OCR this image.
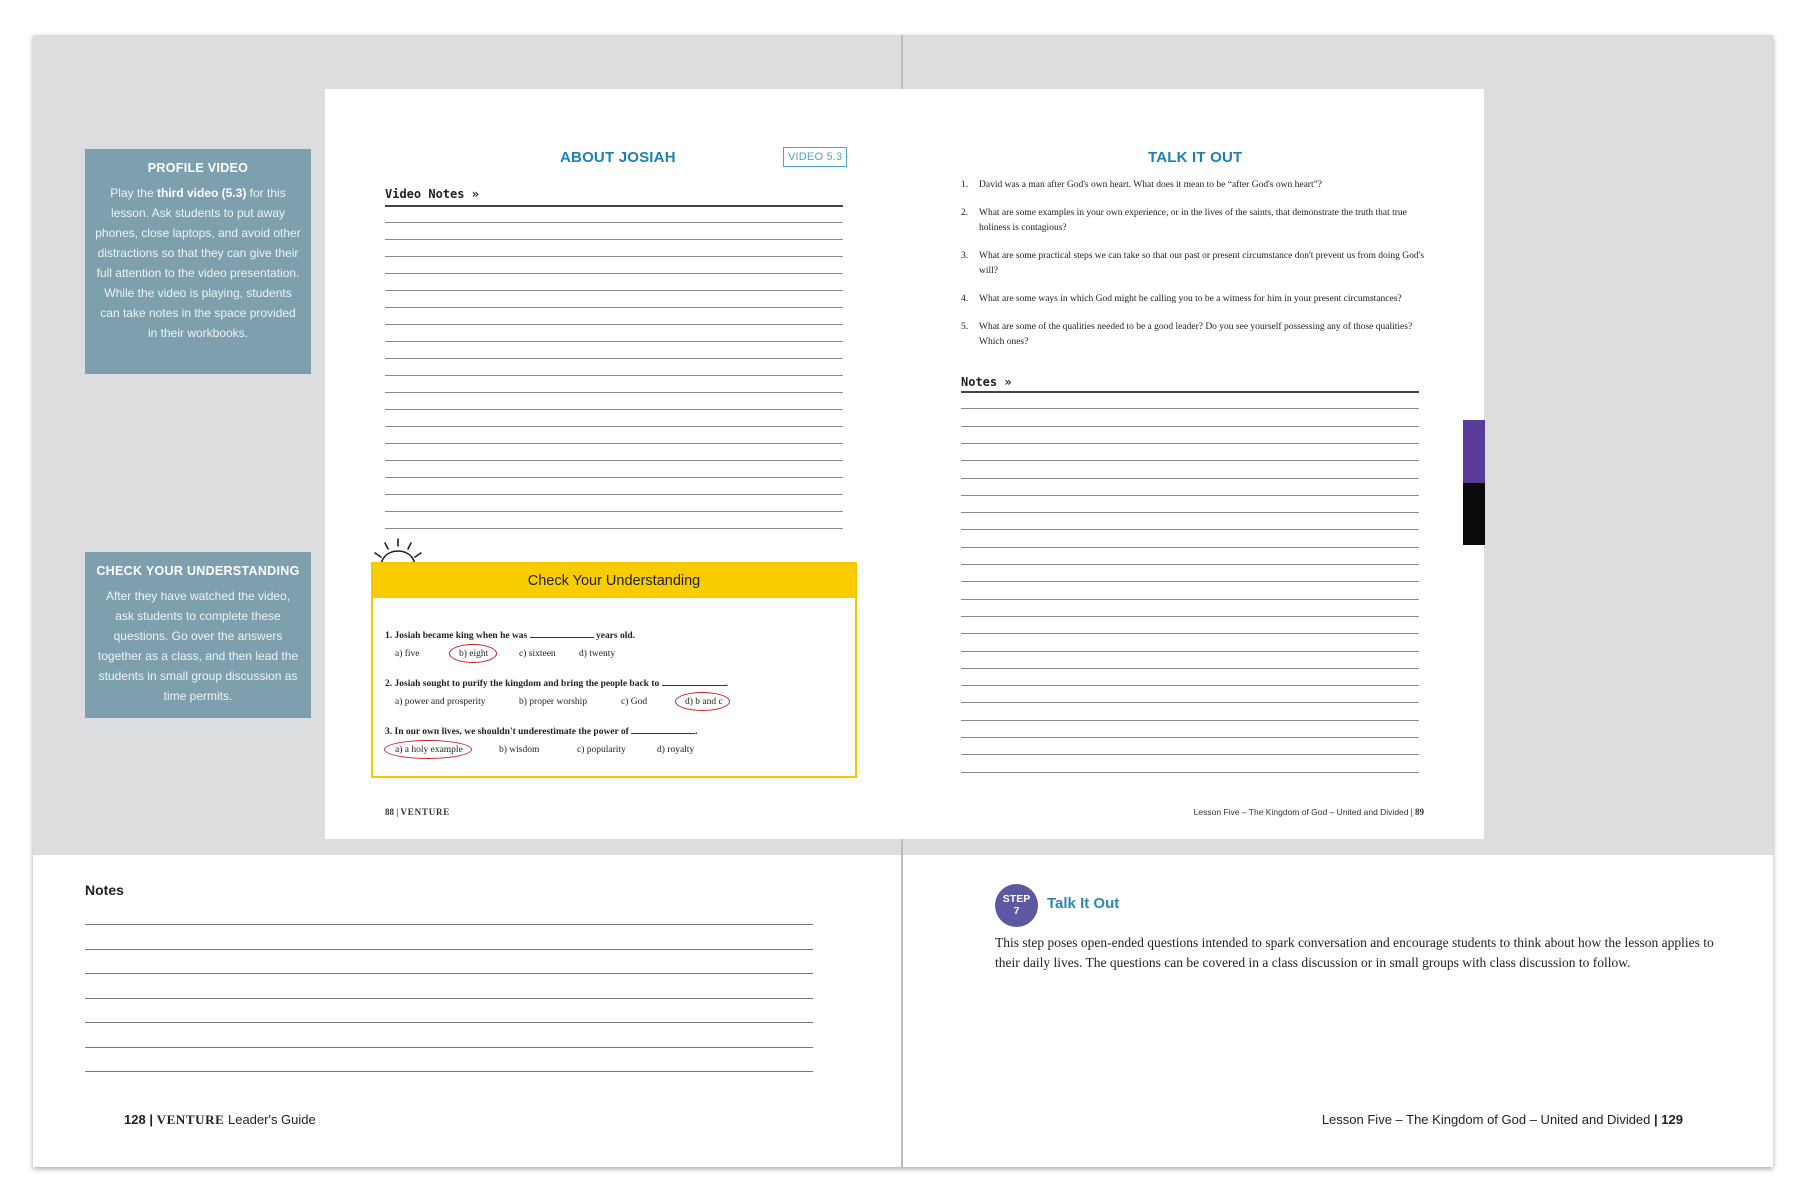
PROFILE VIDEO

Play the third video (5.3) for this lesson. Ask students to put away phones, close laptops, and avoid other distractions so that they can give their full attention to the video presentation. While the video is playing, students can take notes in the space provided in their workbooks.

CHECK YOUR UNDERSTANDING

After they have watched the video, ask students to complete these questions. Go over the answers together as a class, and then lead the students in small group discussion as time permits.

ABOUT JOSIAH	VIDEO 5.3
Video Notes »
Check Your Understanding
1. Josiah became king when he was	years old.
a) five	b) eight	c) sixteen d) twenty
2. Josiah sought to purify the kingdom and bring the people back to	.
a) power and prosperity	b) proper worship	c) God	d) b and c
3. In our own lives, we shouldn't underestimate the power of	.
a) a holy example	b) wisdom	c) popularity	d) royalty
88 | VENTURE
TALK IT OUT
1. David was a man after God's own heart. What does it mean to be “after God's own heart”?
2. What are some examples in your own experience, or in the lives of the saints, that demonstrate the truth that true holiness is contagious?
3. What are some practical steps we can take so that our past or present circumstance don't prevent us from doing God's will?
4. What are some ways in which God might be calling you to be a witness for him in your present circumstances?
5. What are some of the qualities needed to be a good leader? Do you see yourself possessing any of those qualities? Which ones?
Notes »
Lesson Five – The Kingdom of God – United and Divided | 89
Notes
128 | VENTURE Leader's Guide
STEP
7	Talk It Out
This step poses open-ended questions intended to spark conversation and encourage students to think about how the lesson applies to their daily lives. The questions can be covered in a class discussion or in small groups with class discussion to follow.
Lesson Five – The Kingdom of God – United and Divided | 129
